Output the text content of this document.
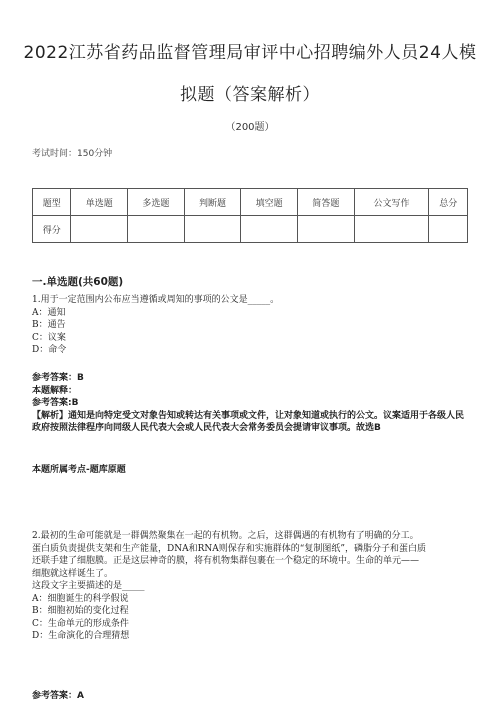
2022江苏省药品监督管理局审评中心招聘编外人员24人模
拟题（答案解析）
（200题）
考试时间：150分钟
题型	单选题	多选题	判断题	填空题	简答题	公文写作	总分
得分							
一.单选题(共60题)
1.用于一定范围内公布应当遵循或周知的事项的公文是_____。
A：通知
B：通告
C：议案
D：命令
参考答案：B
本题解释：
参考答案:B
【解析】通知是向特定受文对象告知或转达有关事项或文件，让对象知道或执行的公文。议案适用于各级人民政府按照法律程序向同级人民代表大会或人民代表大会常务委员会提请审议事项。故选B
本题所属考点-题库原题
2.最初的生命可能就是一群偶然聚集在一起的有机物。之后，这群偶遇的有机物有了明确的分工。
蛋白质负责提供支架和生产能量，DNA和RNA则保存和实施群体的“复制图纸”，磷脂分子和蛋白质
还联手建了细胞膜。正是这层神奇的膜，将有机物集群包裹在一个稳定的环境中。生命的单元——
细胞就这样诞生了。
这段文字主要描述的是_____
A：细胞诞生的科学假说
B：细胞初始的变化过程
C：生命单元的形成条件
D：生命演化的合理猜想
参考答案：A
